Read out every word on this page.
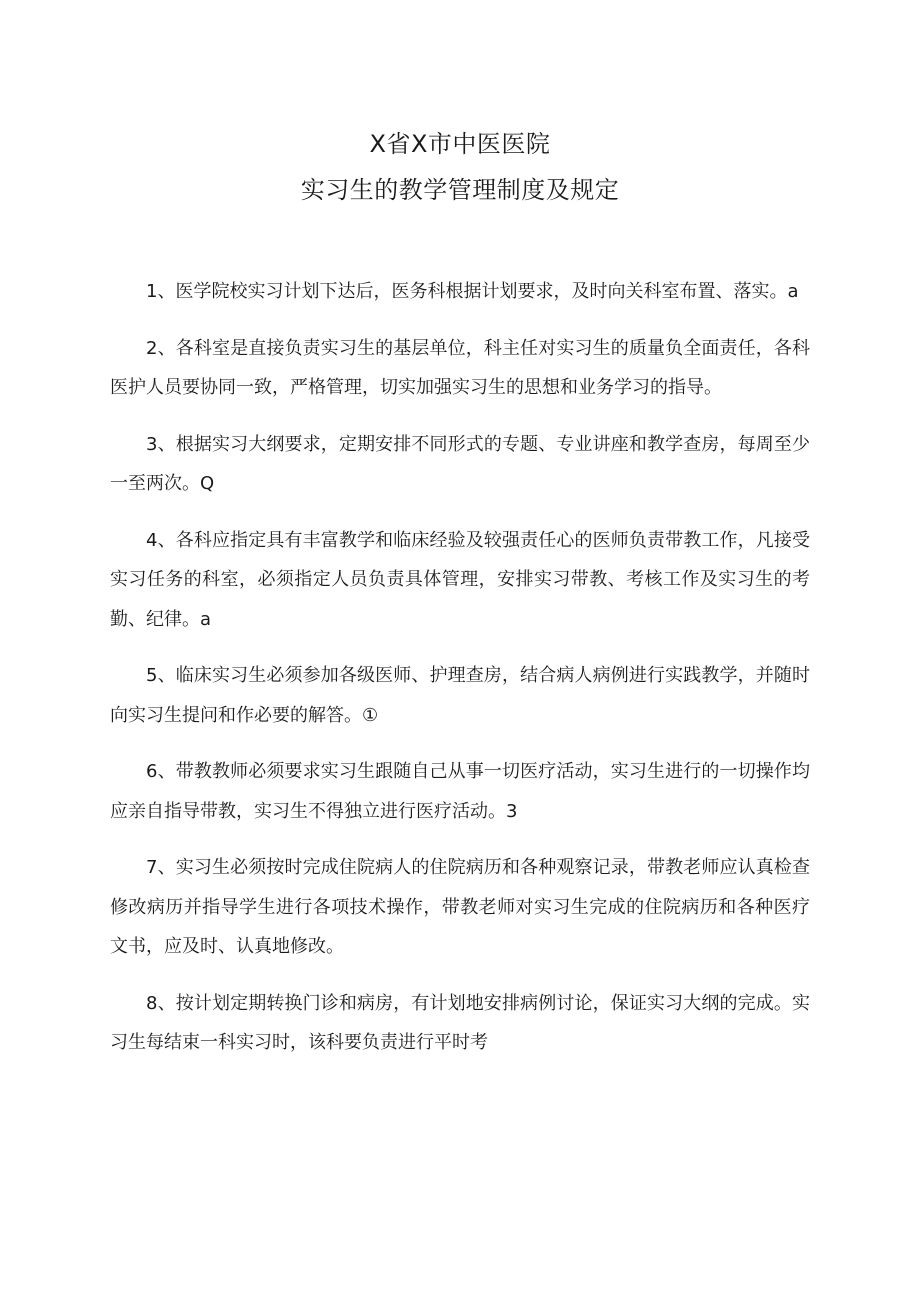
X省X市中医医院
实习生的教学管理制度及规定

1、医学院校实习计划下达后，医务科根据计划要求，及时向关科室布置、落实。a

2、各科室是直接负责实习生的基层单位，科主任对实习生的质量负全面责任，各科医护人员要协同一致，严格管理，切实加强实习生的思想和业务学习的指导。

3、根据实习大纲要求，定期安排不同形式的专题、专业讲座和教学查房，每周至少一至两次。Q

4、各科应指定具有丰富教学和临床经验及较强责任心的医师负责带教工作，凡接受实习任务的科室，必须指定人员负责具体管理，安排实习带教、考核工作及实习生的考勤、纪律。a

5、临床实习生必须参加各级医师、护理查房，结合病人病例进行实践教学，并随时向实习生提问和作必要的解答。①

6、带教教师必须要求实习生跟随自己从事一切医疗活动，实习生进行的一切操作均应亲自指导带教，实习生不得独立进行医疗活动。3

7、实习生必须按时完成住院病人的住院病历和各种观察记录，带教老师应认真检查修改病历并指导学生进行各项技术操作，带教老师对实习生完成的住院病历和各种医疗文书，应及时、认真地修改。

8、按计划定期转换门诊和病房，有计划地安排病例讨论，保证实习大纲的完成。实习生每结束一科实习时，该科要负责进行平时考
